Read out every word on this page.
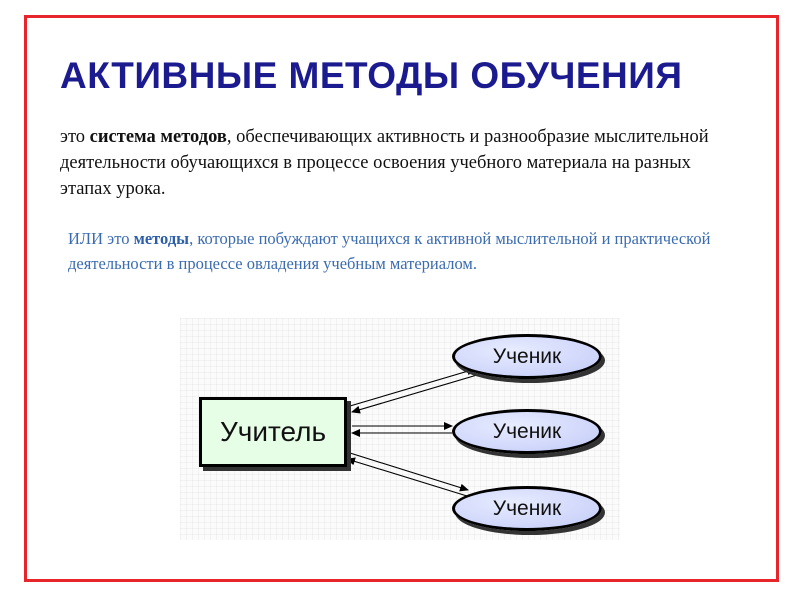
АКТИВНЫЕ МЕТОДЫ ОБУЧЕНИЯ

это система методов, обеспечивающих активность и разнообразие мыслительной деятельности обучающихся в процессе освоения учебного материала на разных этапах урока.

ИЛИ это методы, которые побуждают учащихся к активной мыслительной и практической деятельности в процессе овладения учебным материалом.

Учитель
Ученик
Ученик
Ученик
